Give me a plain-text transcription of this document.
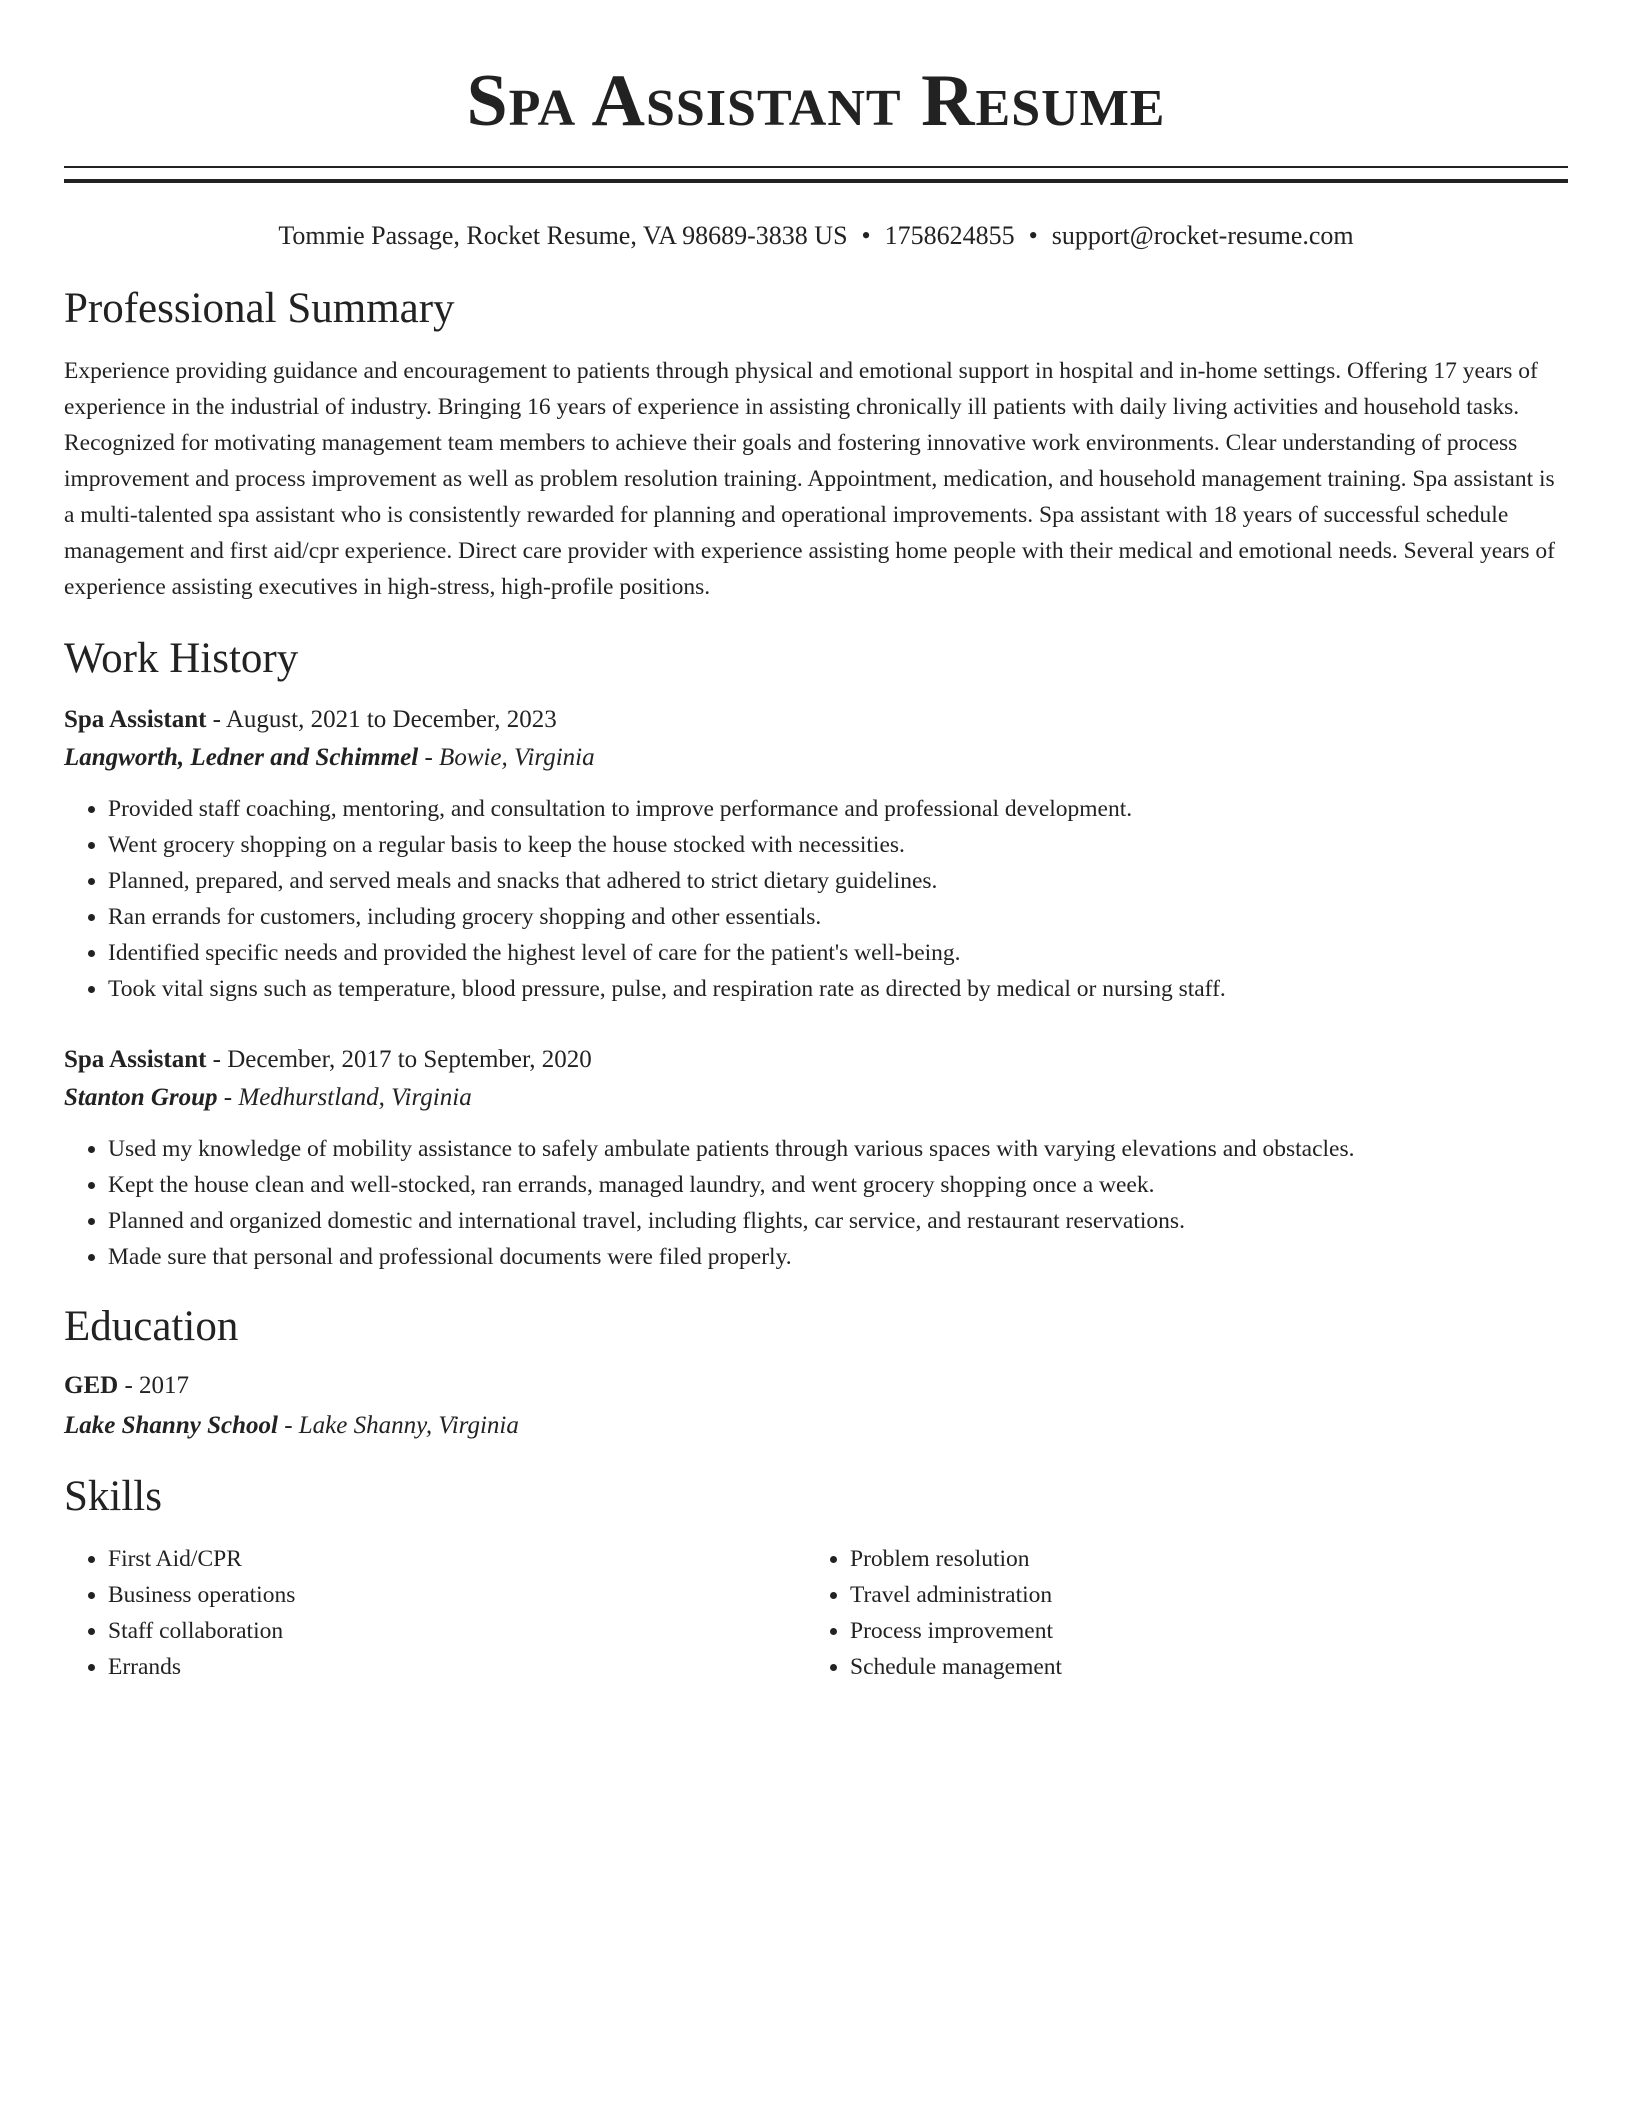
Spa Assistant Resume
Tommie Passage, Rocket Resume, VA 98689-3838 US • 1758624855 • support@rocket-resume.com
Professional Summary

Experience providing guidance and encouragement to patients through physical and emotional support in hospital and in-home settings. Offering 17 years of experience in the industrial of industry. Bringing 16 years of experience in assisting chronically ill patients with daily living activities and household tasks. Recognized for motivating management team members to achieve their goals and fostering innovative work environments. Clear understanding of process improvement and process improvement as well as problem resolution training. Appointment, medication, and household management training. Spa assistant is a multi-talented spa assistant who is consistently rewarded for planning and operational improvements. Spa assistant with 18 years of successful schedule management and first aid/cpr experience. Direct care provider with experience assisting home people with their medical and emotional needs. Several years of experience assisting executives in high-stress, high-profile positions.

Work History
Spa Assistant - August, 2021 to December, 2023
Langworth, Ledner and Schimmel - Bowie, Virginia
• Provided staff coaching, mentoring, and consultation to improve performance and professional development.
• Went grocery shopping on a regular basis to keep the house stocked with necessities.
• Planned, prepared, and served meals and snacks that adhered to strict dietary guidelines.
• Ran errands for customers, including grocery shopping and other essentials.
• Identified specific needs and provided the highest level of care for the patient's well-being.
• Took vital signs such as temperature, blood pressure, pulse, and respiration rate as directed by medical or nursing staff.
Spa Assistant - December, 2017 to September, 2020
Stanton Group - Medhurstland, Virginia
• Used my knowledge of mobility assistance to safely ambulate patients through various spaces with varying elevations and obstacles.
• Kept the house clean and well-stocked, ran errands, managed laundry, and went grocery shopping once a week.
• Planned and organized domestic and international travel, including flights, car service, and restaurant reservations.
• Made sure that personal and professional documents were filed properly.
Education
GED - 2017
Lake Shanny School - Lake Shanny, Virginia
Skills
• First Aid/CPR
• Business operations
• Staff collaboration
• Errands
• Problem resolution
• Travel administration
• Process improvement
• Schedule management
